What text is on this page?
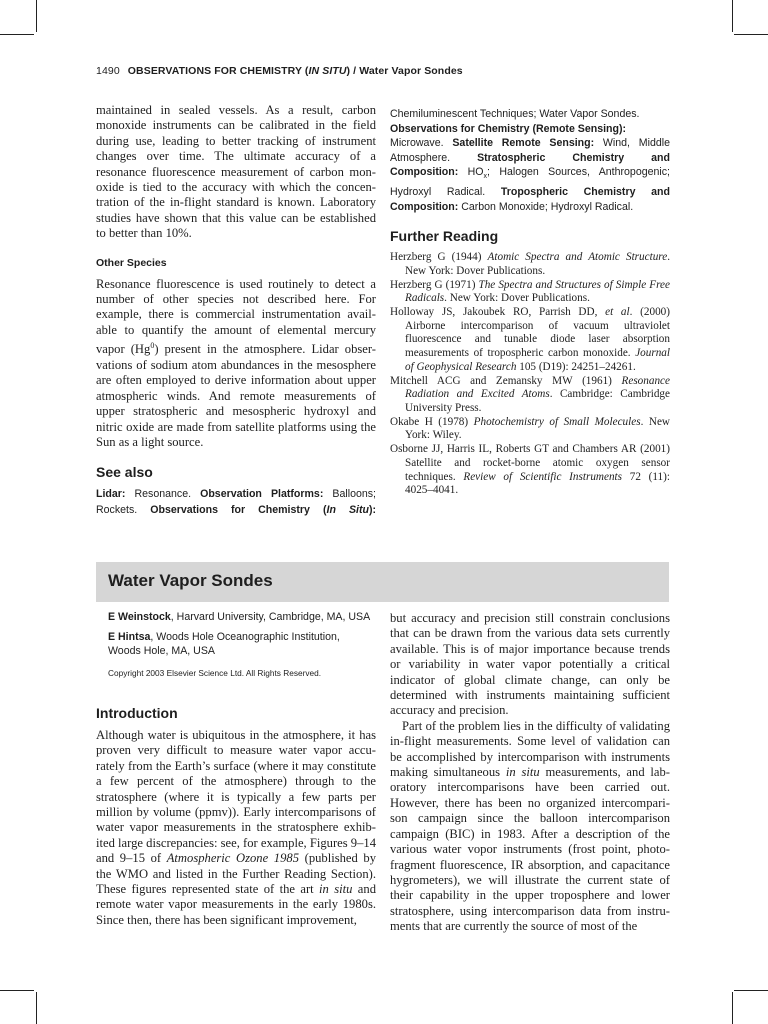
1490 OBSERVATIONS FOR CHEMISTRY (IN SITU) / Water Vapor Sondes
maintained in sealed vessels. As a result, carbon
monoxide instruments can be calibrated in the field
during use, leading to better tracking of instrument
changes over time. The ultimate accuracy of a
resonance fluorescence measurement of carbon mon-
oxide is tied to the accuracy with which the concen-
tration of the in-flight standard is known. Laboratory
studies have shown that this value can be established
to better than 10%.
Other Species
Resonance fluorescence is used routinely to detect a
number of other species not described here. For
example, there is commercial instrumentation avail-
able to quantify the amount of elemental mercury
vapor (Hg$^0$) present in the atmosphere. Lidar obser-
vations of sodium atom abundances in the mesosphere
are often employed to derive information about upper
atmospheric winds. And remote measurements of
upper stratospheric and mesospheric hydroxyl and
nitric oxide are made from satellite platforms using the
Sun as a light source.
See also
Lidar: Resonance. Observation Platforms: Balloons;
Rockets. Observations for Chemistry (In Situ):
Chemiluminescent Techniques; Water Vapor Sondes.
Observations for Chemistry (Remote Sensing):
Microwave. Satellite Remote Sensing: Wind, Middle
Atmosphere. Stratospheric Chemistry and
Composition: $HO_x$; Halogen Sources, Anthropogenic;
Hydroxyl Radical. Tropospheric Chemistry and
Composition: Carbon Monoxide; Hydroxyl Radical.
Further Reading

Herzberg G (1944) Atomic Spectra and Atomic Structure. New York: Dover Publications.

Herzberg G (1971) The Spectra and Structures of Simple Free Radicals. New York: Dover Publications.

Holloway JS, Jakoubek RO, Parrish DD, et al. (2000) Airborne intercomparison of vacuum ultraviolet fluorescence and tunable diode laser absorption measurements of tropospheric carbon monoxide. Journal of Geophysical Research 105 (D19): 24251–24261.

Mitchell ACG and Zemansky MW (1961) Resonance Radiation and Excited Atoms. Cambridge: Cambridge University Press.

Okabe H (1978) Photochemistry of Small Molecules. New York: Wiley.

Osborne JJ, Harris IL, Roberts GT and Chambers AR (2001) Satellite and rocket-borne atomic oxygen sensor techniques. Review of Scientific Instruments 72 (11): 4025–4041.

Water Vapor Sondes
E Weinstock, Harvard University, Cambridge, MA, USA
E Hintsa, Woods Hole Oceanographic Institution,
Woods Hole, MA, USA
Copyright 2003 Elsevier Science Ltd. All Rights Reserved.
Introduction
Although water is ubiquitous in the atmosphere, it has
proven very difficult to measure water vapor accu-
rately from the Earth’s surface (where it may constitute
a few percent of the atmosphere) through to the
stratosphere (where it is typically a few parts per
million by volume (ppmv)). Early intercomparisons of
water vapor measurements in the stratosphere exhib-
ited large discrepancies: see, for example, Figures 9–14
and 9–15 of Atmospheric Ozone 1985 (published by
the WMO and listed in the Further Reading Section).
These figures represented state of the art in situ and
remote water vapor measurements in the early 1980s.
Since then, there has been significant improvement,
but accuracy and precision still constrain conclusions
that can be drawn from the various data sets currently
available. This is of major importance because trends
or variability in water vapor potentially a critical
indicator of global climate change, can only be
determined with instruments maintaining sufficient
accuracy and precision.
Part of the problem lies in the difficulty of validating
in-flight measurements. Some level of validation can
be accomplished by intercomparison with instruments
making simultaneous in situ measurements, and lab-
oratory intercomparisons have been carried out.
However, there has been no organized intercompari-
son campaign since the balloon intercomparison
campaign (BIC) in 1983. After a description of the
various water vopor instruments (frost point, photo-
fragment fluorescence, IR absorption, and capacitance
hygrometers), we will illustrate the current state of
their capability in the upper troposphere and lower
stratosphere, using intercomparison data from instru-
ments that are currently the source of most of the
